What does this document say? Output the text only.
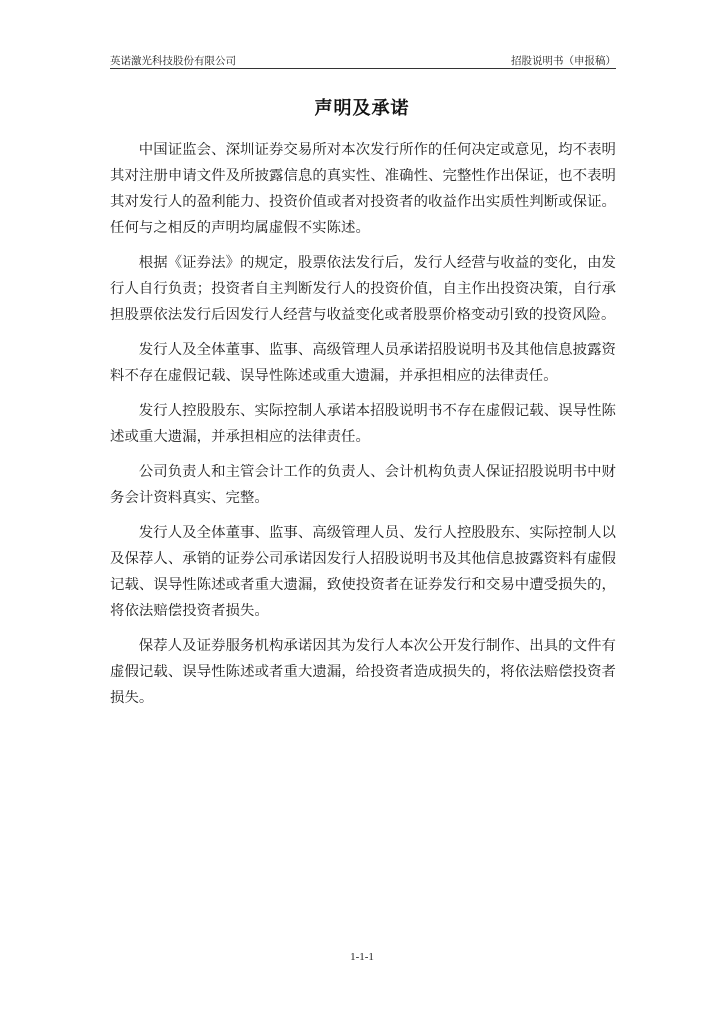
英诺激光科技股份有限公司	招股说明书（申报稿）
声明及承诺

中国证监会、深圳证券交易所对本次发行所作的任何决定或意见，均不表明其对注册申请文件及所披露信息的真实性、准确性、完整性作出保证，也不表明其对发行人的盈利能力、投资价值或者对投资者的收益作出实质性判断或保证。任何与之相反的声明均属虚假不实陈述。

根据《证券法》的规定，股票依法发行后，发行人经营与收益的变化，由发行人自行负责；投资者自主判断发行人的投资价值，自主作出投资决策，自行承担股票依法发行后因发行人经营与收益变化或者股票价格变动引致的投资风险。

发行人及全体董事、监事、高级管理人员承诺招股说明书及其他信息披露资料不存在虚假记载、误导性陈述或重大遗漏，并承担相应的法律责任。

发行人控股股东、实际控制人承诺本招股说明书不存在虚假记载、误导性陈述或重大遗漏，并承担相应的法律责任。

公司负责人和主管会计工作的负责人、会计机构负责人保证招股说明书中财务会计资料真实、完整。

发行人及全体董事、监事、高级管理人员、发行人控股股东、实际控制人以及保荐人、承销的证券公司承诺因发行人招股说明书及其他信息披露资料有虚假记载、误导性陈述或者重大遗漏，致使投资者在证券发行和交易中遭受损失的，将依法赔偿投资者损失。

保荐人及证券服务机构承诺因其为发行人本次公开发行制作、出具的文件有虚假记载、误导性陈述或者重大遗漏，给投资者造成损失的，将依法赔偿投资者损失。

1-1-1
